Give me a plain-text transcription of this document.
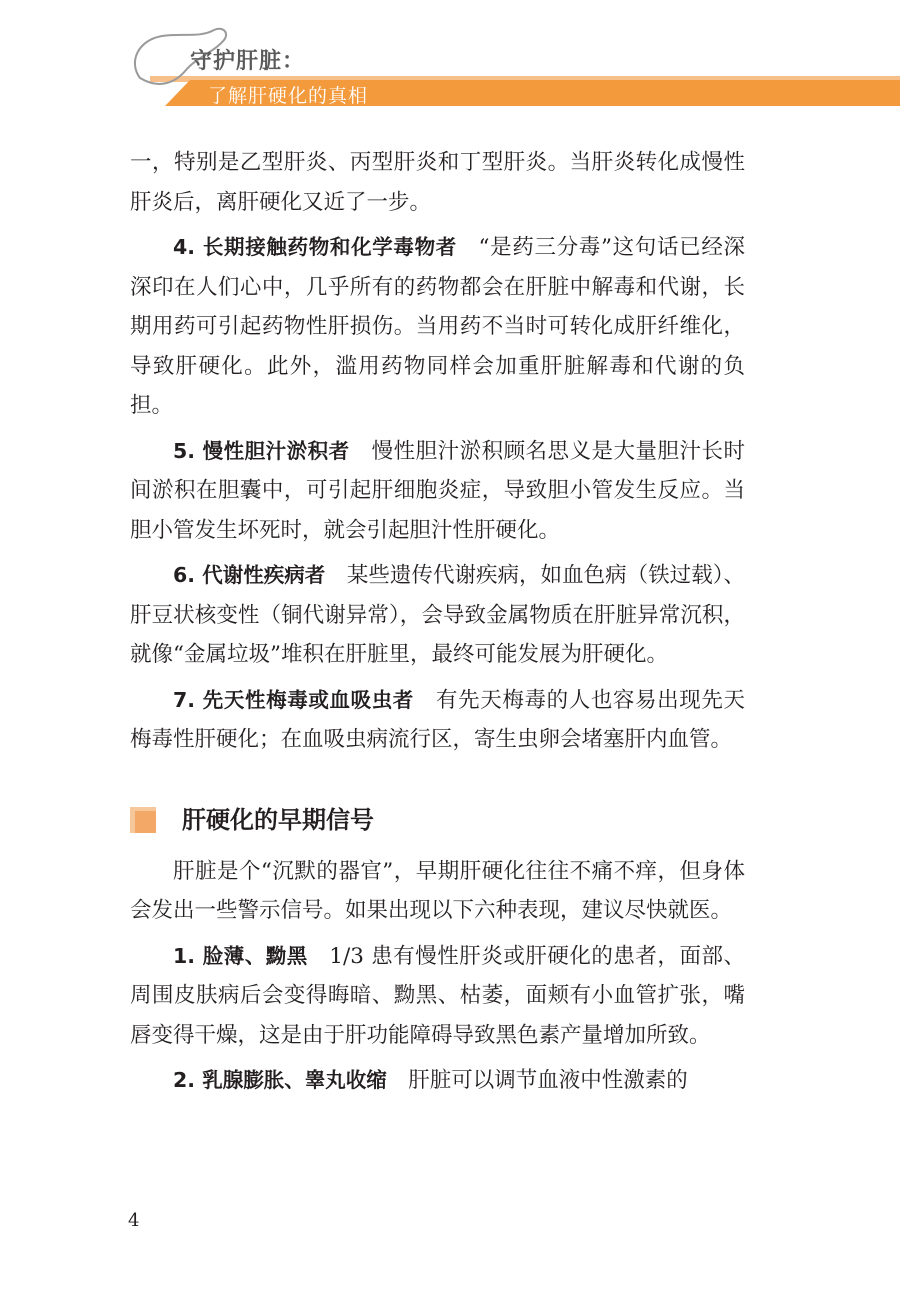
守护肝脏：
了解肝硬化的真相

一，特别是乙型肝炎、丙型肝炎和丁型肝炎。当肝炎转化成慢性肝炎后，离肝硬化又近了一步。

4. 长期接触药物和化学毒物者  “是药三分毒”这句话已经深深印在人们心中，几乎所有的药物都会在肝脏中解毒和代谢，长期用药可引起药物性肝损伤。当用药不当时可转化成肝纤维化，导致肝硬化。此外，滥用药物同样会加重肝脏解毒和代谢的负担。

5. 慢性胆汁淤积者  慢性胆汁淤积顾名思义是大量胆汁长时间淤积在胆囊中，可引起肝细胞炎症，导致胆小管发生反应。当胆小管发生坏死时，就会引起胆汁性肝硬化。

6. 代谢性疾病者  某些遗传代谢疾病，如血色病（铁过载）、肝豆状核变性（铜代谢异常），会导致金属物质在肝脏异常沉积，就像“金属垃圾”堆积在肝脏里，最终可能发展为肝硬化。

7. 先天性梅毒或血吸虫者  有先天梅毒的人也容易出现先天梅毒性肝硬化；在血吸虫病流行区，寄生虫卵会堵塞肝内血管。

肝硬化的早期信号

肝脏是个“沉默的器官”，早期肝硬化往往不痛不痒，但身体会发出一些警示信号。如果出现以下六种表现，建议尽快就医。

1. 脸薄、黝黑  1/3 患有慢性肝炎或肝硬化的患者，面部、周围皮肤病后会变得晦暗、黝黑、枯萎，面颊有小血管扩张，嘴唇变得干燥，这是由于肝功能障碍导致黑色素产量增加所致。

2. 乳腺膨胀、睾丸收缩  肝脏可以调节血液中性激素的

4
